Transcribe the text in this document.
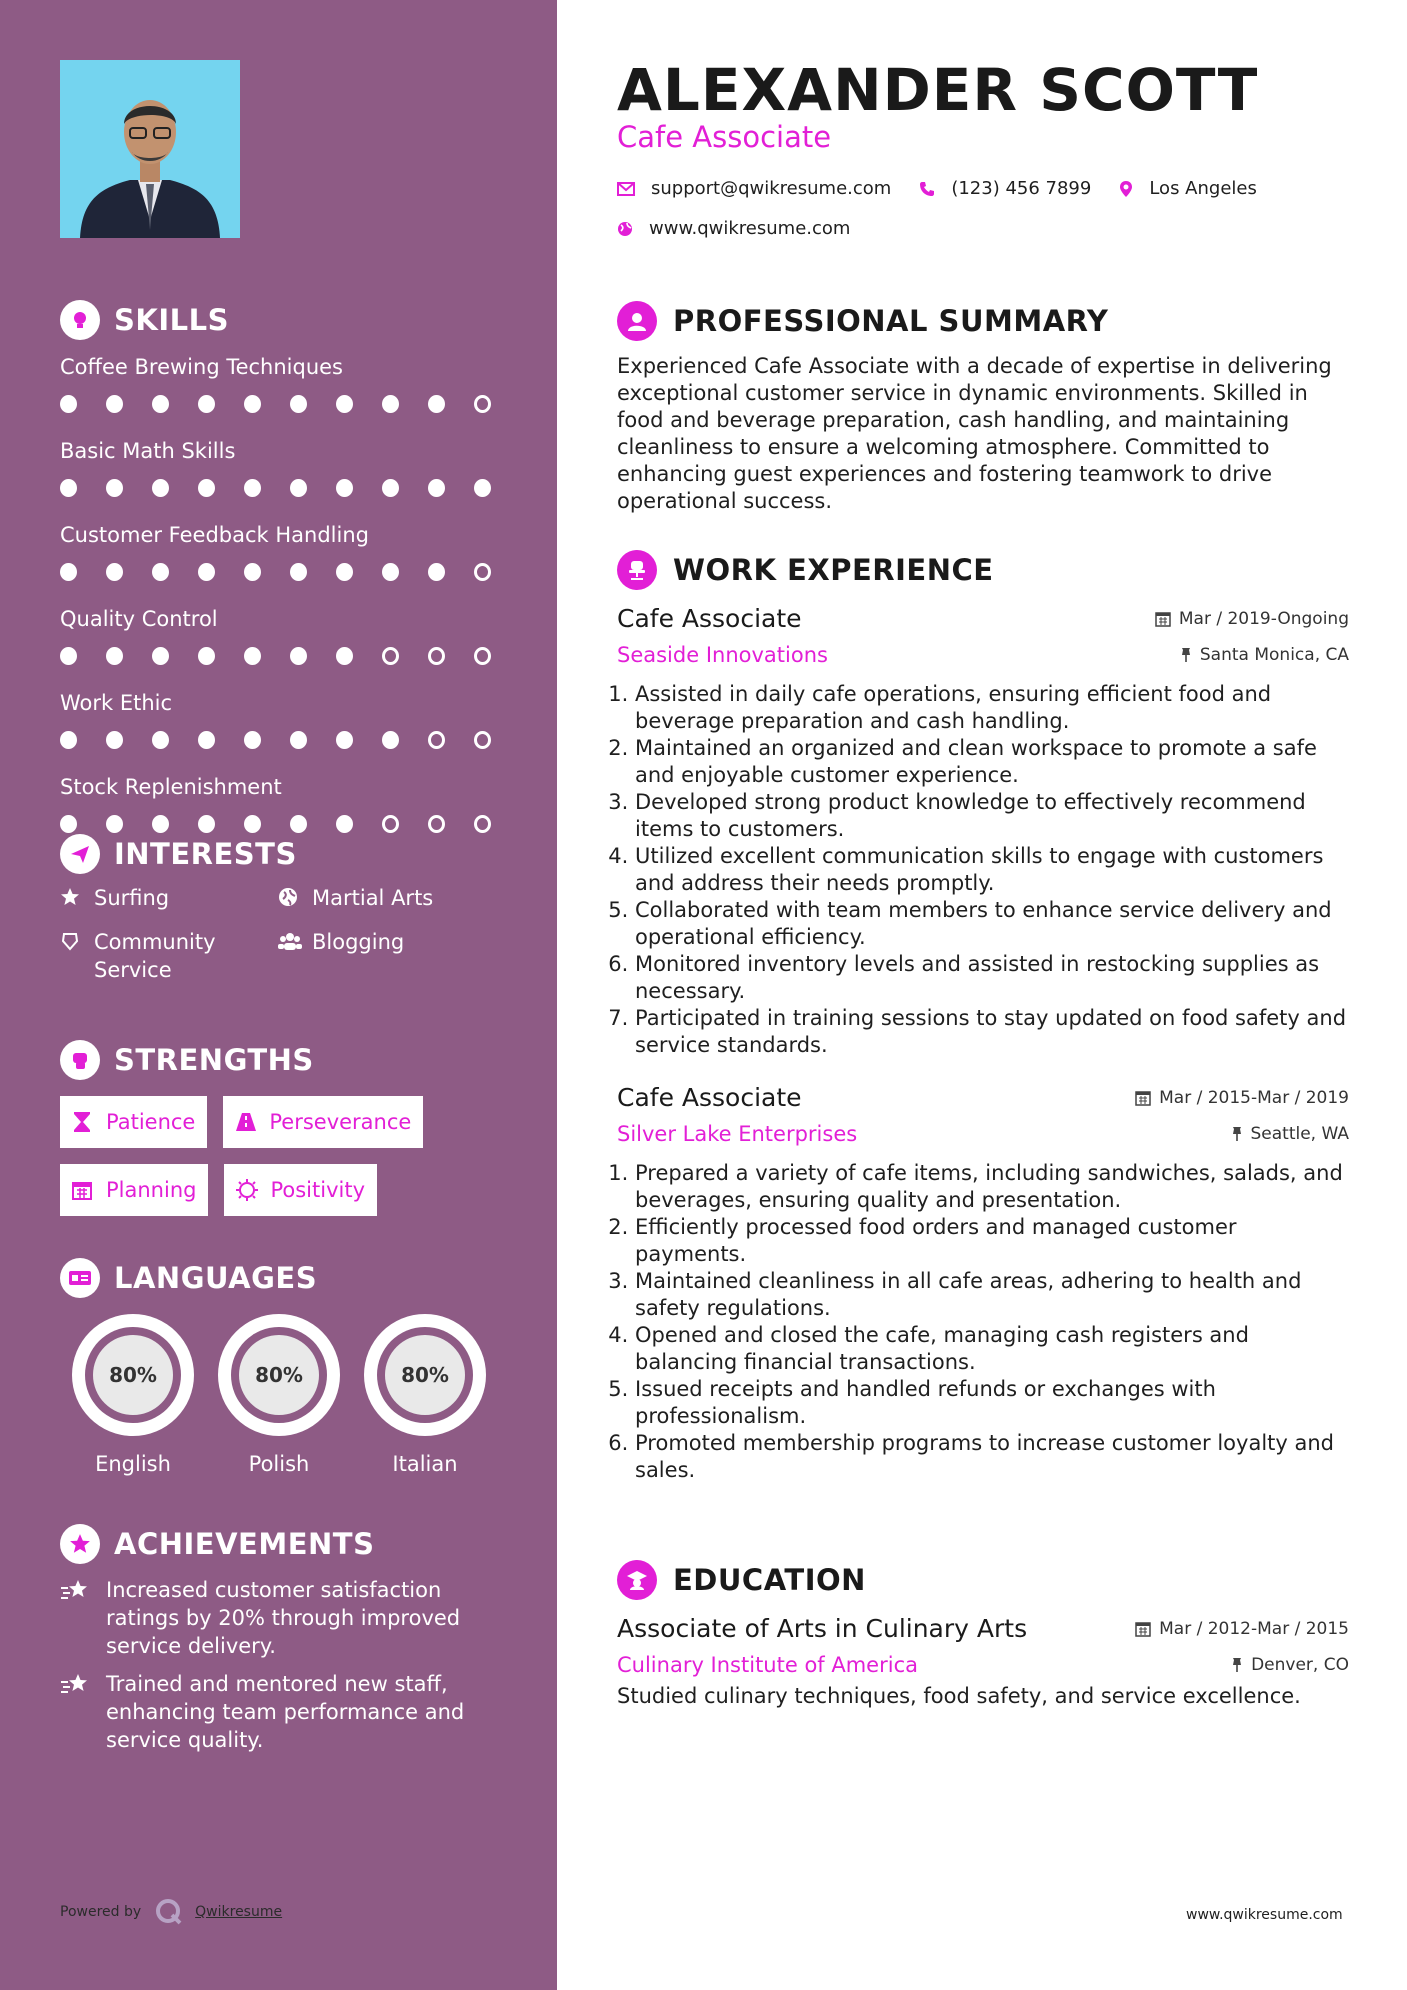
SKILLS
Coffee Brewing Techniques
Basic Math Skills
Customer Feedback Handling
Quality Control
Work Ethic
Stock Replenishment
INTERESTS
Surfing	Martial Arts
Community Service
Blogging
STRENGTHS
Patience	Perseverance
Planning	Positivity
LANGUAGES
80%
English
80%
Polish
80%
Italian
ACHIEVEMENTS
Increased customer satisfaction ratings by 20% through improved service delivery.
Trained and mentored new staff, enhancing team performance and service quality.
Powered by	Qwikresume
ALEXANDER SCOTT
Cafe Associate
support@qwikresume.com	(123) 456 7899	Los Angeles
www.qwikresume.com
PROFESSIONAL SUMMARY
Experienced Cafe Associate with a decade of expertise in delivering exceptional customer service in dynamic environments. Skilled in food and beverage preparation, cash handling, and maintaining cleanliness to ensure a welcoming atmosphere. Committed to enhancing guest experiences and fostering teamwork to drive operational success.
WORK EXPERIENCE
Cafe Associate	Mar / 2019-Ongoing
Seaside Innovations	Santa Monica, CA
1. Assisted in daily cafe operations, ensuring efficient food and beverage preparation and cash handling.
2. Maintained an organized and clean workspace to promote a safe and enjoyable customer experience.
3. Developed strong product knowledge to effectively recommend items to customers.
4. Utilized excellent communication skills to engage with customers and address their needs promptly.
5. Collaborated with team members to enhance service delivery and operational efficiency.
6. Monitored inventory levels and assisted in restocking supplies as necessary.
7. Participated in training sessions to stay updated on food safety and service standards.
Cafe Associate	Mar / 2015-Mar / 2019
Silver Lake Enterprises	Seattle, WA
1. Prepared a variety of cafe items, including sandwiches, salads, and beverages, ensuring quality and presentation.
2. Efficiently processed food orders and managed customer payments.
3. Maintained cleanliness in all cafe areas, adhering to health and safety regulations.
4. Opened and closed the cafe, managing cash registers and balancing financial transactions.
5. Issued receipts and handled refunds or exchanges with professionalism.
6. Promoted membership programs to increase customer loyalty and sales.
EDUCATION
Associate of Arts in Culinary Arts	Mar / 2012-Mar / 2015
Culinary Institute of America	Denver, CO
Studied culinary techniques, food safety, and service excellence.
www.qwikresume.com
